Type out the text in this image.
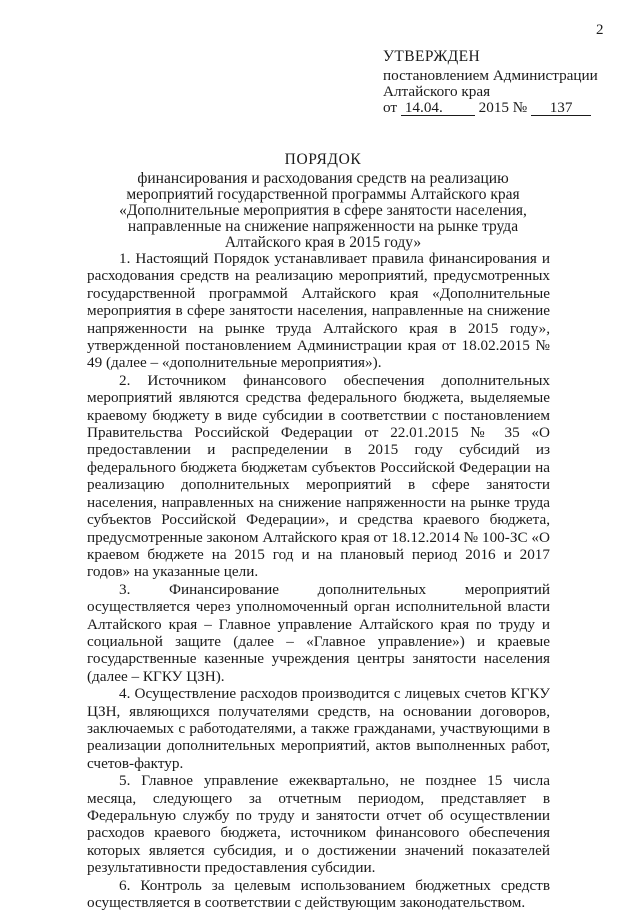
2
УТВЕРЖДЕН
постановлением Администрации
Алтайского края
от 14.04. 2015 № 137
ПОРЯДОК
финансирования и расходования средств на реализацию
мероприятий государственной программы Алтайского края
«Дополнительные мероприятия в сфере занятости населения,
направленные на снижение напряженности на рынке труда
Алтайского края в 2015 году»

1. Настоящий Порядок устанавливает правила финансирования и расходования средств на реализацию мероприятий, предусмотренных государственной программой Алтайского края «Дополнительные мероприятия в сфере занятости населения, направленные на снижение напряженности на рынке труда Алтайского края в 2015 году», утвержденной постановлением Администрации края от 18.02.2015 № 49 (далее – «дополнительные мероприятия»).

2. Источником финансового обеспечения дополнительных мероприятий являются средства федерального бюджета, выделяемые краевому бюджету в виде субсидии в соответствии с постановлением Правительства Российской Федерации от 22.01.2015 № 35 «О предоставлении и распределении в 2015 году субсидий из федерального бюджета бюджетам субъектов Российской Федерации на реализацию дополнительных мероприятий в сфере занятости населения, направленных на снижение напряженности на рынке труда субъектов Российской Федерации», и средства краевого бюджета, предусмотренные законом Алтайского края от 18.12.2014 № 100-ЗС «О краевом бюджете на 2015 год и на плановый период 2016 и 2017 годов» на указанные цели.

3. Финансирование дополнительных мероприятий осуществляется через уполномоченный орган исполнительной власти Алтайского края – Главное управление Алтайского края по труду и социальной защите (далее – «Главное управление») и краевые государственные казенные учреждения центры занятости населения (далее – КГКУ ЦЗН).

4. Осуществление расходов производится с лицевых счетов КГКУ ЦЗН, являющихся получателями средств, на основании договоров, заключаемых с работодателями, а также гражданами, участвующими в реализации дополнительных мероприятий, актов выполненных работ, счетов-фактур.

5. Главное управление ежеквартально, не позднее 15 числа месяца, следующего за отчетным периодом, представляет в Федеральную службу по труду и занятости отчет об осуществлении расходов краевого бюджета, источником финансового обеспечения которых является субсидия, и о достижении значений показателей результативности предоставления субсидии.

6. Контроль за целевым использованием бюджетных средств осуществляется в соответствии с действующим законодательством.
